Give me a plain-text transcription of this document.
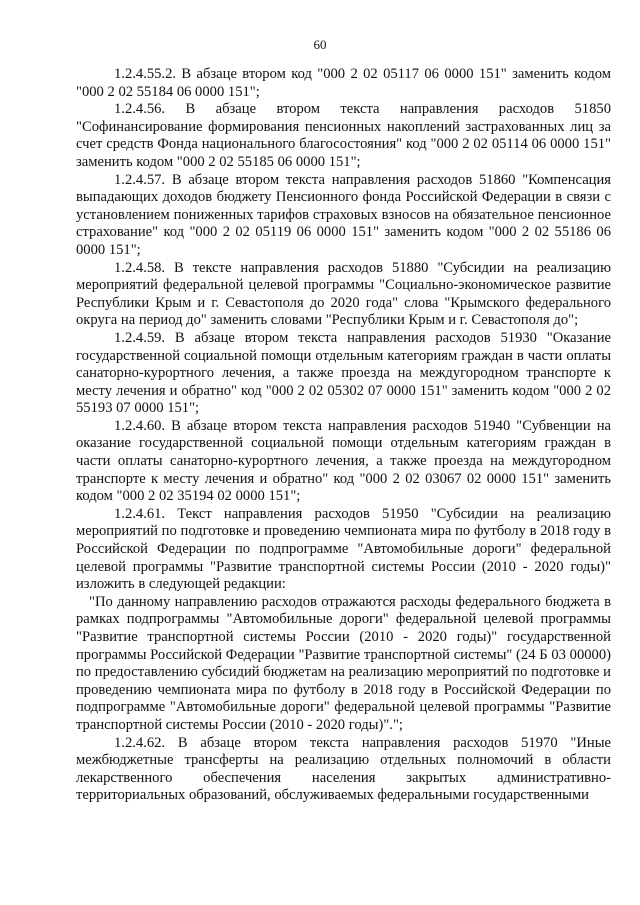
60

1.2.4.55.2. В абзаце втором код "000 2 02 05117 06 0000 151" заменить кодом "000 2 02 55184 06 0000 151";

1.2.4.56. В абзаце втором текста направления расходов 51850 "Софинансирование формирования пенсионных накоплений застрахованных лиц за счет средств Фонда национального благосостояния" код "000 2 02 05114 06 0000 151" заменить кодом "000 2 02 55185 06 0000 151";

1.2.4.57. В абзаце втором текста направления расходов 51860 "Компенсация выпадающих доходов бюджету Пенсионного фонда Российской Федерации в связи с установлением пониженных тарифов страховых взносов на обязательное пенсионное страхование" код "000 2 02 05119 06 0000 151" заменить кодом "000 2 02 55186 06 0000 151";

1.2.4.58. В тексте направления расходов 51880 "Субсидии на реализацию мероприятий федеральной целевой программы "Социально-экономическое развитие Республики Крым и г. Севастополя до 2020 года" слова "Крымского федерального округа на период до" заменить словами "Республики Крым и г. Севастополя до";

1.2.4.59. В абзаце втором текста направления расходов 51930 "Оказание государственной социальной помощи отдельным категориям граждан в части оплаты санаторно-курортного лечения, а также проезда на междугородном транспорте к месту лечения и обратно" код "000 2 02 05302 07 0000 151" заменить кодом "000 2 02 55193 07 0000 151";

1.2.4.60. В абзаце втором текста направления расходов 51940 "Субвенции на оказание государственной социальной помощи отдельным категориям граждан в части оплаты санаторно-курортного лечения, а также проезда на междугородном транспорте к месту лечения и обратно" код "000 2 02 03067 02 0000 151" заменить кодом "000 2 02 35194 02 0000 151";

1.2.4.61. Текст направления расходов 51950 "Субсидии на реализацию мероприятий по подготовке и проведению чемпионата мира по футболу в 2018 году в Российской Федерации по подпрограмме "Автомобильные дороги" федеральной целевой программы "Развитие транспортной системы России (2010 - 2020 годы)" изложить в следующей редакции:

"По данному направлению расходов отражаются расходы федерального бюджета в рамках подпрограммы "Автомобильные дороги" федеральной целевой программы "Развитие транспортной системы России (2010 - 2020 годы)" государственной программы Российской Федерации "Развитие транспортной системы" (24 Б 03 00000) по предоставлению субсидий бюджетам на реализацию мероприятий по подготовке и проведению чемпионата мира по футболу в 2018 году в Российской Федерации по подпрограмме "Автомобильные дороги" федеральной целевой программы "Развитие транспортной системы России (2010 - 2020 годы)".";

1.2.4.62. В абзаце втором текста направления расходов 51970 "Иные межбюджетные трансферты на реализацию отдельных полномочий в области лекарственного обеспечения населения закрытых административно-территориальных образований, обслуживаемых федеральными государственными
